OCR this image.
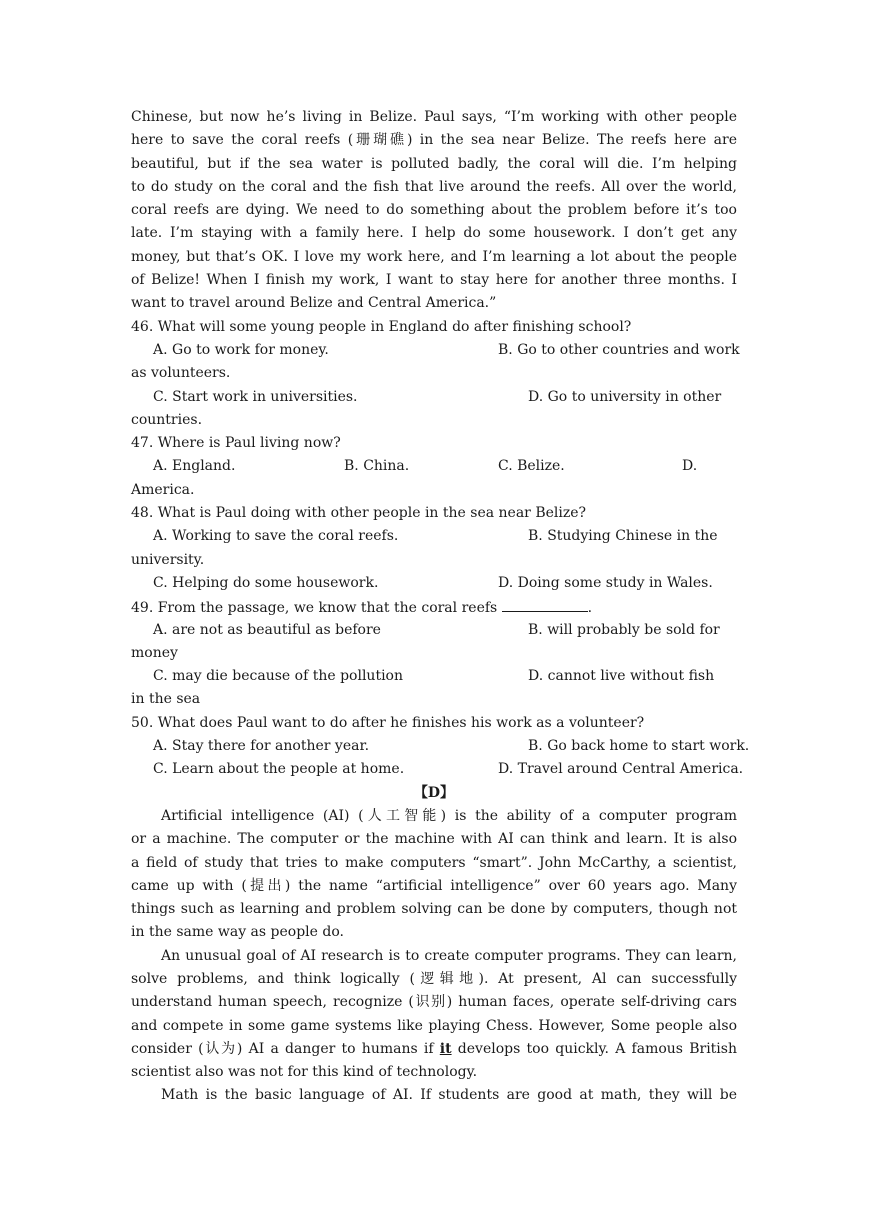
Chinese, but now he’s living in Belize. Paul says, “I’m working with other people
here to save the coral reefs (珊瑚礁) in the sea near Belize. The reefs here are
beautiful, but if the sea water is polluted badly, the coral will die. I’m helping
to do study on the coral and the fish that live around the reefs. All over the world,
coral reefs are dying. We need to do something about the problem before it’s too
late. I’m staying with a family here. I help do some housework. I don’t get any
money, but that’s OK. I love my work here, and I’m learning a lot about the people
of Belize! When I finish my work, I want to stay here for another three months. I
want to travel around Belize and Central America.”
46. What will some young people in England do after finishing school?
A. Go to work for money.	B. Go to other countries and work
as volunteers.
C. Start work in universities.	D. Go to university in other
countries.
47. Where is Paul living now?
A. England.	B. China.	C. Belize.	D.
America.
48. What is Paul doing with other people in the sea near Belize?
A. Working to save the coral reefs.	B. Studying Chinese in the
university.
C. Helping do some housework.	D. Doing some study in Wales.
49. From the passage, we know that the coral reefs	.
A. are not as beautiful as before	B. will probably be sold for
money
C. may die because of the pollution	D. cannot live without fish
in the sea
50. What does Paul want to do after he finishes his work as a volunteer?
A. Stay there for another year.	B. Go back home to start work.
C. Learn about the people at home.	D. Travel around Central America.
【D】
Artificial intelligence (AI) (人工智能) is the ability of a computer program
or a machine. The computer or the machine with AI can think and learn. It is also
a field of study that tries to make computers “smart”. John McCarthy, a scientist,
came up with (提出) the name “artificial intelligence” over 60 years ago. Many
things such as learning and problem solving can be done by computers, though not
in the same way as people do.
An unusual goal of AI research is to create computer programs. They can learn,
solve problems, and think logically (逻辑地). At present, Al can successfully
understand human speech, recognize (识别) human faces, operate self-driving cars
and compete in some game systems like playing Chess. However, Some people also
consider (认为) AI a danger to humans if it develops too quickly. A famous British
scientist also was not for this kind of technology.
Math is the basic language of AI. If students are good at math, they will be
